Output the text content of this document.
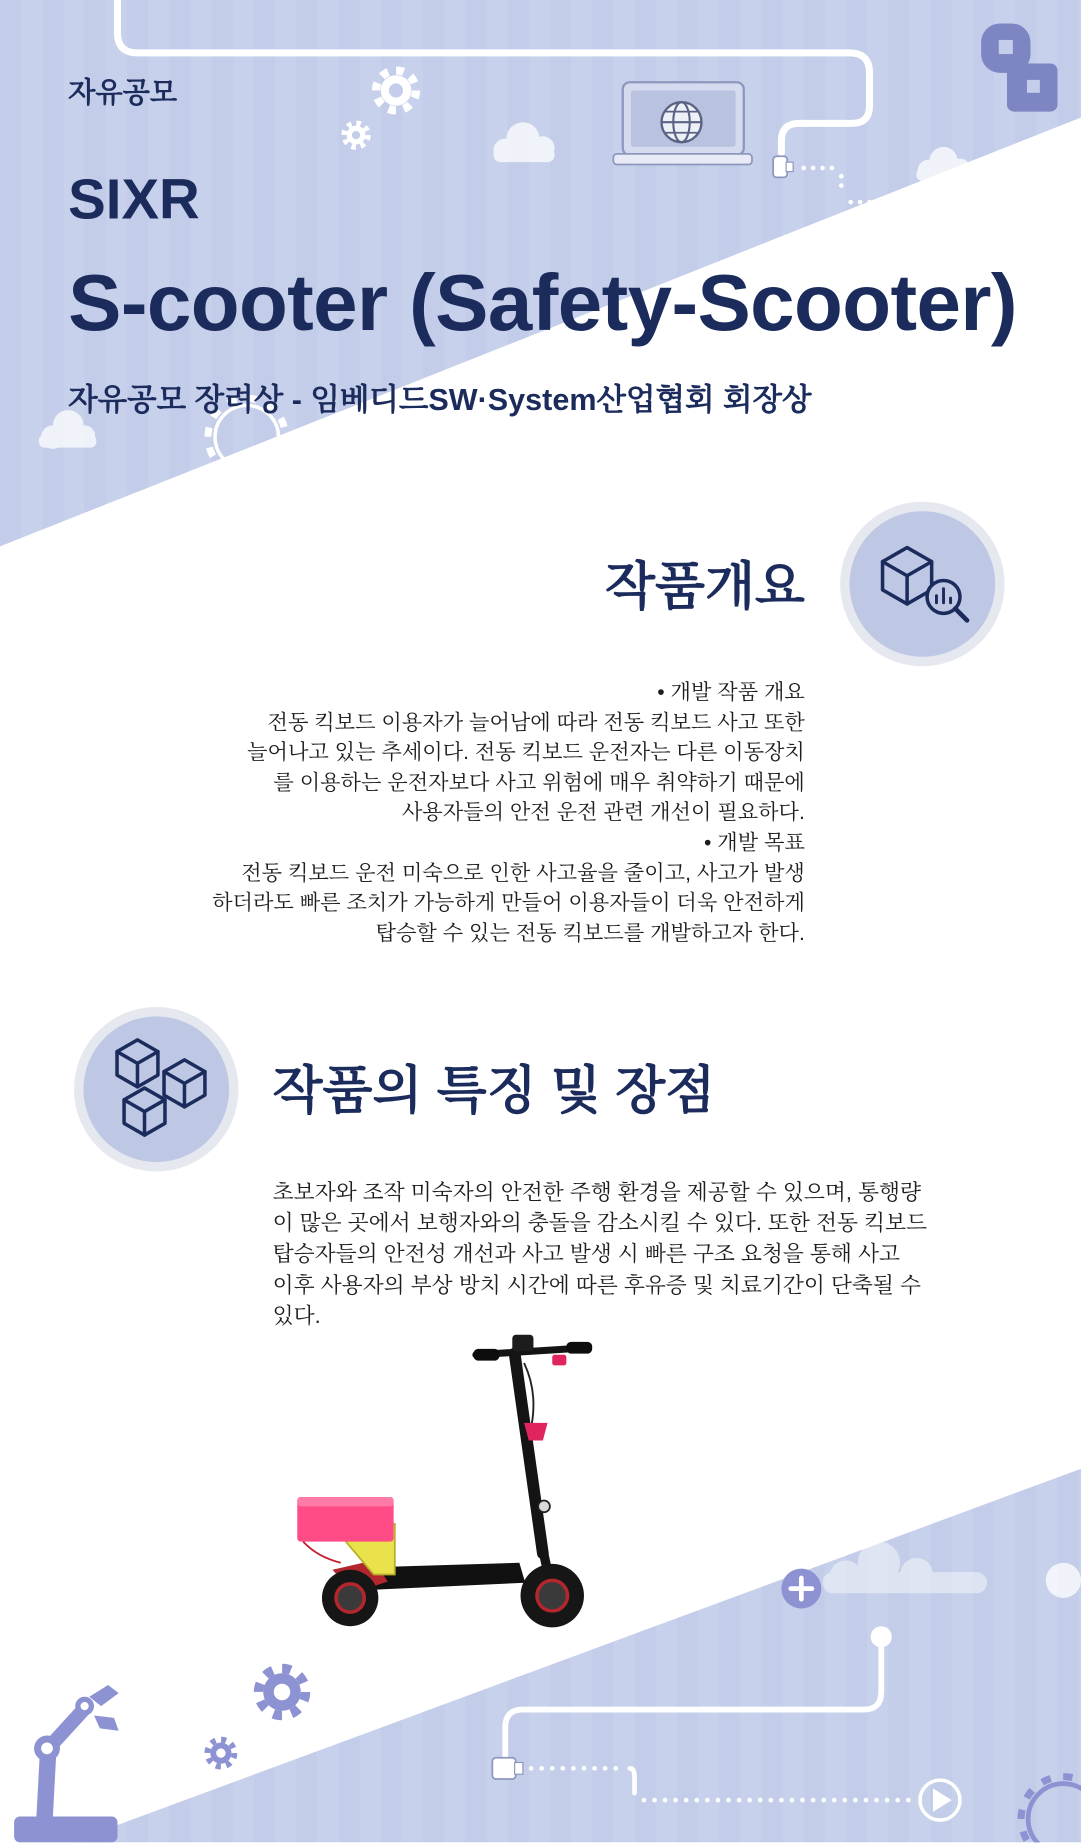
자유공모
SIXR
S-cooter (Safety-Scooter)
자유공모 장려상 - 임베디드SW·System산업협회 회장상
작품개요
• 개발 작품 개요
전동 킥보드 이용자가 늘어남에 따라 전동 킥보드 사고 또한
늘어나고 있는 추세이다. 전동 킥보드 운전자는 다른 이동장치
를 이용하는 운전자보다 사고 위험에 매우 취약하기 때문에
사용자들의 안전 운전 관련 개선이 필요하다.
• 개발 목표
전동 킥보드 운전 미숙으로 인한 사고율을 줄이고, 사고가 발생
하더라도 빠른 조치가 가능하게 만들어 이용자들이 더욱 안전하게
탑승할 수 있는 전동 킥보드를 개발하고자 한다.
작품의 특징 및 장점
초보자와 조작 미숙자의 안전한 주행 환경을 제공할 수 있으며, 통행량
이 많은 곳에서 보행자와의 충돌을 감소시킬 수 있다. 또한 전동 킥보드
탑승자들의 안전성 개선과 사고 발생 시 빠른 구조 요청을 통해 사고
이후 사용자의 부상 방치 시간에 따른 후유증 및 치료기간이 단축될 수
있다.
